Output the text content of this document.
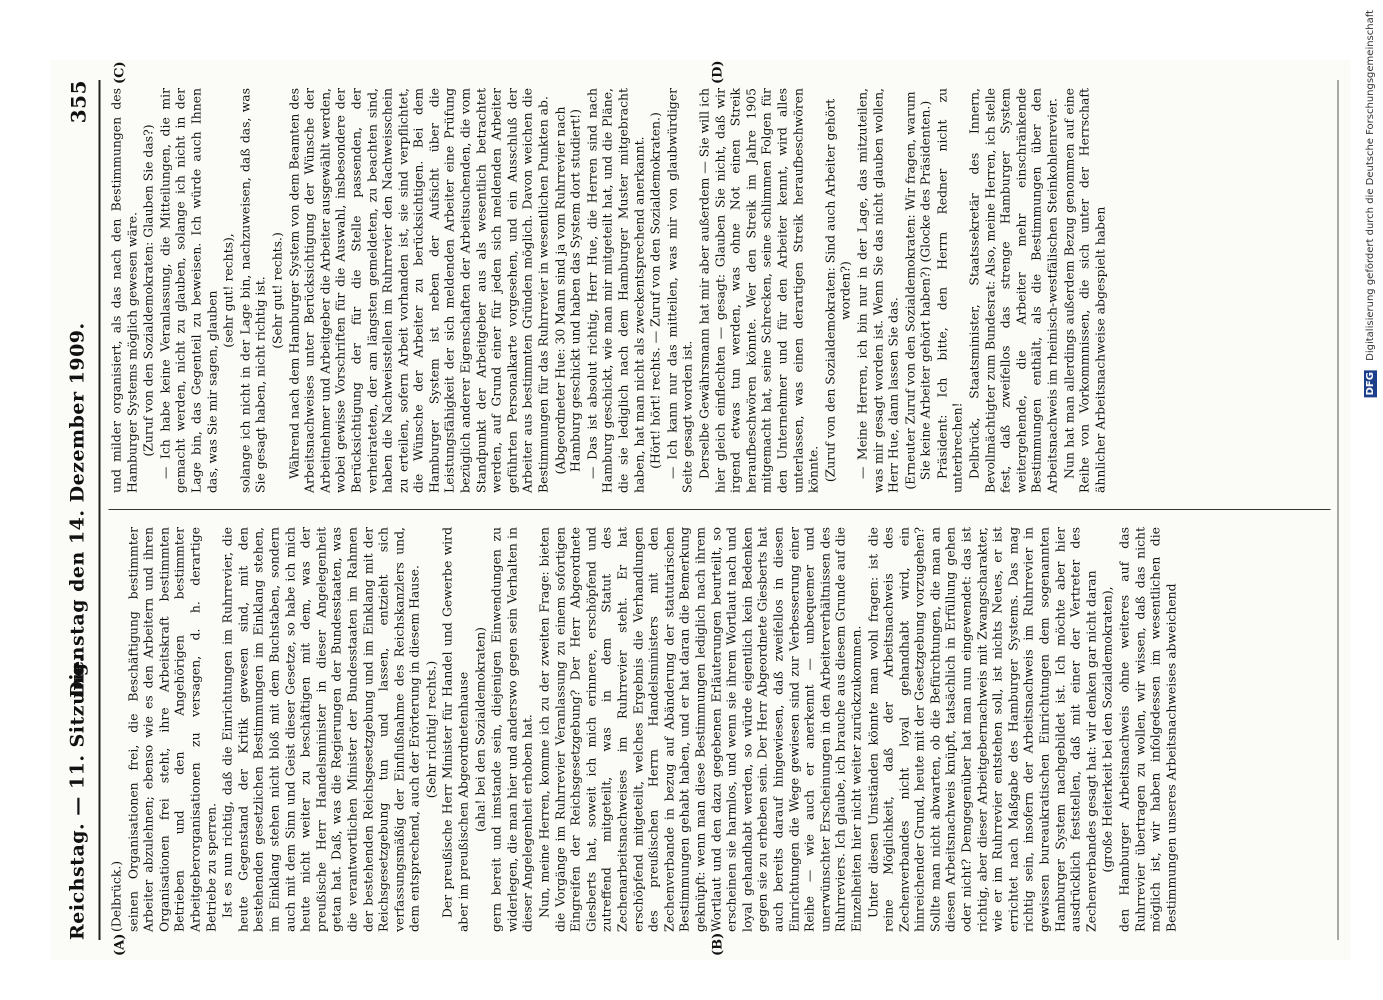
Reichstag. — 11. Sitzung.
Dienstag den 14. Dezember 1909.
355
(A)	(B)
(C)	(D)

(Delbrück.) seinen Organisationen frei, die Beschäftigung bestimmter Arbeiter abzulehnen; ebenso wie es den Arbeitern und ihren Organisationen frei steht, ihre Arbeitskraft bestimmten Betrieben und den Angehörigen bestimmter Arbeitgeberorganisationen zu versagen, d. h. derartige Betriebe zu sperren. Ist es nun richtig, daß die Einrichtungen im Ruhrrevier, die heute Gegenstand der Kritik gewesen sind, mit den bestehenden gesetzlichen Bestimmungen im Einklang stehen, im Einklang stehen nicht bloß mit dem Buchstaben, sondern auch mit dem Sinn und Geist dieser Gesetze, so habe ich mich heute nicht weiter zu beschäftigen mit dem, was der preußische Herr Handelsminister in dieser Angelegenheit getan hat. Daß, was die Regierungen der Bundesstaaten, was die verantwortlichen Minister der Bundesstaaten im Rahmen der bestehenden Reichsgesetzgebung und im Einklang mit der Reichsgesetzgebung tun und lassen, entzieht sich verfassungsmäßig der Einflußnahme des Reichskanzlers und, dem entsprechend, auch der Erörterung in diesem Hause. (Sehr richtig! rechts.) Der preußische Herr Minister für Handel und Gewerbe wird aber im preußischen Abgeordnetenhause (aha! bei den Sozialdemokraten) gern bereit und imstande sein, diejenigen Einwendungen zu widerlegen, die man hier und anderswo gegen sein Verhalten in dieser Angelegenheit erhoben hat. Nun, meine Herren, komme ich zu der zweiten Frage: bieten die Vorgänge im Ruhrrevier Veranlassung zu einem sofortigen Eingreifen der Reichsgesetzgebung? Der Herr Abgeordnete Giesberts hat, soweit ich mich erinnere, erschöpfend und zutreffend mitgeteilt, was in dem Statut des Zechenarbeitsnachweises im Ruhrrevier steht. Er hat erschöpfend mitgeteilt, welches Ergebnis die Verhandlungen des preußischen Herrn Handelsministers mit den Zechenverbande in bezug auf Abänderung der statutarischen Bestimmungen gehabt haben, und er hat daran die Bemerkung geknüpft: wenn man diese Bestimmungen lediglich nach ihrem Wortlaut und den dazu gegebenen Erläuterungen beurteilt, so erscheinen sie harmlos, und wenn sie ihrem Wortlaut nach und loyal gehandhabt werden, so würde eigentlich kein Bedenken gegen sie zu erheben sein. Der Herr Abgeordnete Giesberts hat auch bereits darauf hingewiesen, daß zweifellos in diesen Einrichtungen die Wege gewiesen sind zur Verbesserung einer Reihe — wie auch er anerkennt — unbequemer und unerwünschter Erscheinungen in den Arbeiterverhältnissen des Ruhrreviers. Ich glaube, ich brauche aus diesem Grunde auf die Einzelheiten hier nicht weiter zurückzukommen. Unter diesen Umständen könnte man wohl fragen: ist die reine Möglichkeit, daß der Arbeitsnachweis des Zechenverbandes nicht loyal gehandhabt wird, ein hinreichender Grund, heute mit der Gesetzgebung vorzugehen? Sollte man nicht abwarten, ob die Befürchtungen, die man an diesen Arbeitsnachweis knüpft, tatsächlich in Erfüllung gehen oder nicht? Demgegenüber hat man nun eingewendet: das ist richtig, aber dieser Arbeitgebernachweis mit Zwangscharakter, wie er im Ruhrrevier entstehen soll, ist nichts Neues, er ist errichtet nach Maßgabe des Hamburger Systems. Das mag richtig sein, insofern der Arbeitsnachweis im Ruhrrevier in gewissen bureaukratischen Einrichtungen dem sogenannten Hamburger System nachgebildet ist. Ich möchte aber hier ausdrücklich feststellen, daß mit einer der Vertreter des Zechenverbandes gesagt hat: wir denken gar nicht daran (große Heiterkeit bei den Sozialdemokraten), den Hamburger Arbeitsnachweis ohne weiteres auf das Ruhrrevier übertragen zu wollen, wir wissen, daß das nicht möglich ist, wir haben infolgedessen im wesentlichen die Bestimmungen unseres Arbeitsnachweises abweichend

und milder organisiert, als das nach den Bestimmungen des Hamburger Systems möglich gewesen wäre. (Zuruf von den Sozialdemokraten: Glauben Sie das?) — Ich habe keine Veranlassung, die Mitteilungen, die mir gemacht werden, nicht zu glauben, solange ich nicht in der Lage bin, das Gegenteil zu beweisen. Ich würde auch Ihnen das, was Sie mir sagen, glauben (sehr gut! rechts), solange ich nicht in der Lage bin, nachzuweisen, daß das, was Sie gesagt haben, nicht richtig ist. (Sehr gut! rechts.) Während nach dem Hamburger System von dem Beamten des Arbeitsnachweises unter Berücksichtigung der Wünsche der Arbeitnehmer und Arbeitgeber die Arbeiter ausgewählt werden, wobei gewisse Vorschriften für die Auswahl, insbesondere der Berücksichtigung der für die Stelle passenden, der verheirateten, der am längsten gemeldeten, zu beachten sind, haben die Nachweisstellen im Ruhrrevier den Nachweisschein zu erteilen, sofern Arbeit vorhanden ist, sie sind verpflichtet, die Wünsche der Arbeiter zu berücksichtigen. Bei dem Hamburger System ist neben der Aufsicht über die Leistungsfähigkeit der sich meldenden Arbeiter eine Prüfung bezüglich anderer Eigenschaften der Arbeitsuchenden, die vom Standpunkt der Arbeitgeber aus als wesentlich betrachtet werden, auf Grund einer für jeden sich meldenden Arbeiter geführten Personalkarte vorgesehen, und ein Ausschluß der Arbeiter aus bestimmten Gründen möglich. Davon weichen die Bestimmungen für das Ruhrrevier in wesentlichen Punkten ab. (Abgeordneter Hue: 30 Mann sind ja vom Ruhrrevier nach Hamburg geschickt und haben das System dort studiert!) — Das ist absolut richtig, Herr Hue, die Herren sind nach Hamburg geschickt, wie man mir mitgeteilt hat, und die Pläne, die sie lediglich nach dem Hamburger Muster mitgebracht haben, hat man nicht als zweckentsprechend anerkannt. (Hört! hört! rechts. — Zuruf von den Sozialdemokraten.) — Ich kann nur das mitteilen, was mir von glaubwürdiger Seite gesagt worden ist. Derselbe Gewährsmann hat mir aber außerdem — Sie will ich hier gleich einflechten — gesagt: Glauben Sie nicht, daß wir irgend etwas tun werden, was ohne Not einen Streik heraufbeschwören könnte. Wer den Streik im Jahre 1905 mitgemacht hat, seine Schrecken, seine schlimmen Folgen für den Unternehmer und für den Arbeiter kennt, wird alles unterlassen, was einen derartigen Streik heraufbeschwören könnte. (Zuruf von den Sozialdemokraten: Sind auch Arbeiter gehört worden?) — Meine Herren, ich bin nur in der Lage, das mitzuteilen, was mir gesagt worden ist. Wenn Sie das nicht glauben wollen, Herr Hue, dann lassen Sie das. (Erneuter Zuruf von den Sozialdemokraten: Wir fragen, warum Sie keine Arbeiter gehört haben?) (Glocke des Präsidenten.) Präsident: Ich bitte, den Herrn Redner nicht zu unterbrechen! Delbrück, Staatsminister, Staatssekretär des Innern, Bevollmächtigter zum Bundesrat: Also, meine Herren, ich stelle fest, daß zweifellos das strenge Hamburger System weitergehende, die Arbeiter mehr einschränkende Bestimmungen enthält, als die Bestimmungen über den Arbeitsnachweis im rheinisch-westfälischen Steinkohlenrevier. Nun hat man allerdings außerdem Bezug genommen auf eine Reihe von Vorkommnissen, die sich unter der Herrschaft ähnlicher Arbeitsnachweise abgespielt haben	DFG Digitalisierung gefördert durch die Deutsche Forschungsgemeinschaft
